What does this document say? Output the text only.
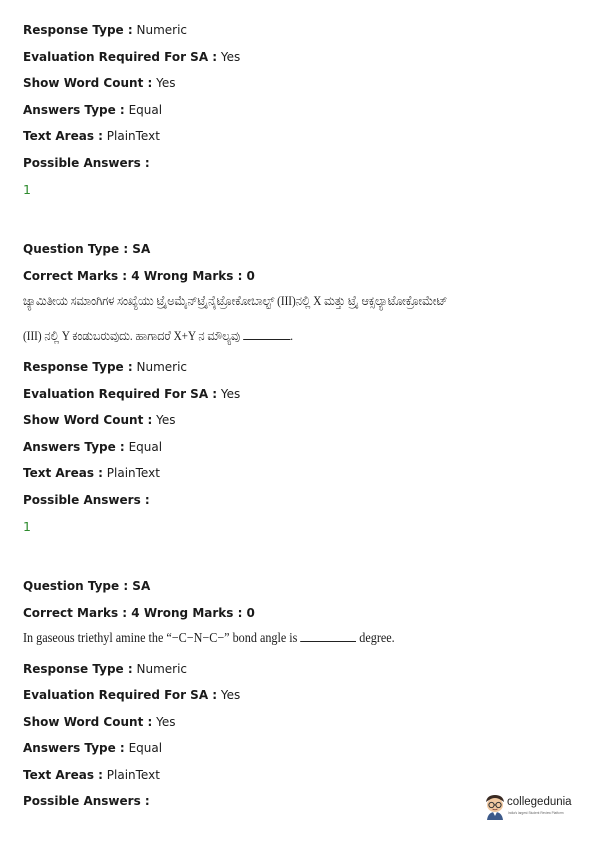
Response Type : Numeric
Evaluation Required For SA : Yes
Show Word Count : Yes
Answers Type : Equal
Text Areas : PlainText
Possible Answers :
1
Question Type : SA
Correct Marks : 4 Wrong Marks : 0
ಜ್ಯಾಮಿತೀಯ ಸಮಾಂಗಿಗಳ ಸಂಖ್ಯೆಯು ಟ್ರೈಅಮೈನ್‌ಟ್ರೈನೈಟ್ರೋಕೋಬಾಲ್ಟ್ (III)ನಲ್ಲಿ X ಮತ್ತು ಟ್ರೈ ಆಕ್ಸಲ್ಯಾಟೋಕ್ರೋಮೇಟ್
(III) ನಲ್ಲಿ Y ಕಂಡುಬರುವುದು. ಹಾಗಾದರೆ X+Y ನ ಮೌಲ್ಯವು	.
Response Type : Numeric
Evaluation Required For SA : Yes
Show Word Count : Yes
Answers Type : Equal
Text Areas : PlainText
Possible Answers :
1
Question Type : SA
Correct Marks : 4 Wrong Marks : 0
In gaseous triethyl amine the “−C−N−C−” bond angle is	degree.
Response Type : Numeric
Evaluation Required For SA : Yes
Show Word Count : Yes
Answers Type : Equal
Text Areas : PlainText
Possible Answers :	collegedunia
India's largest Student Review Platform
